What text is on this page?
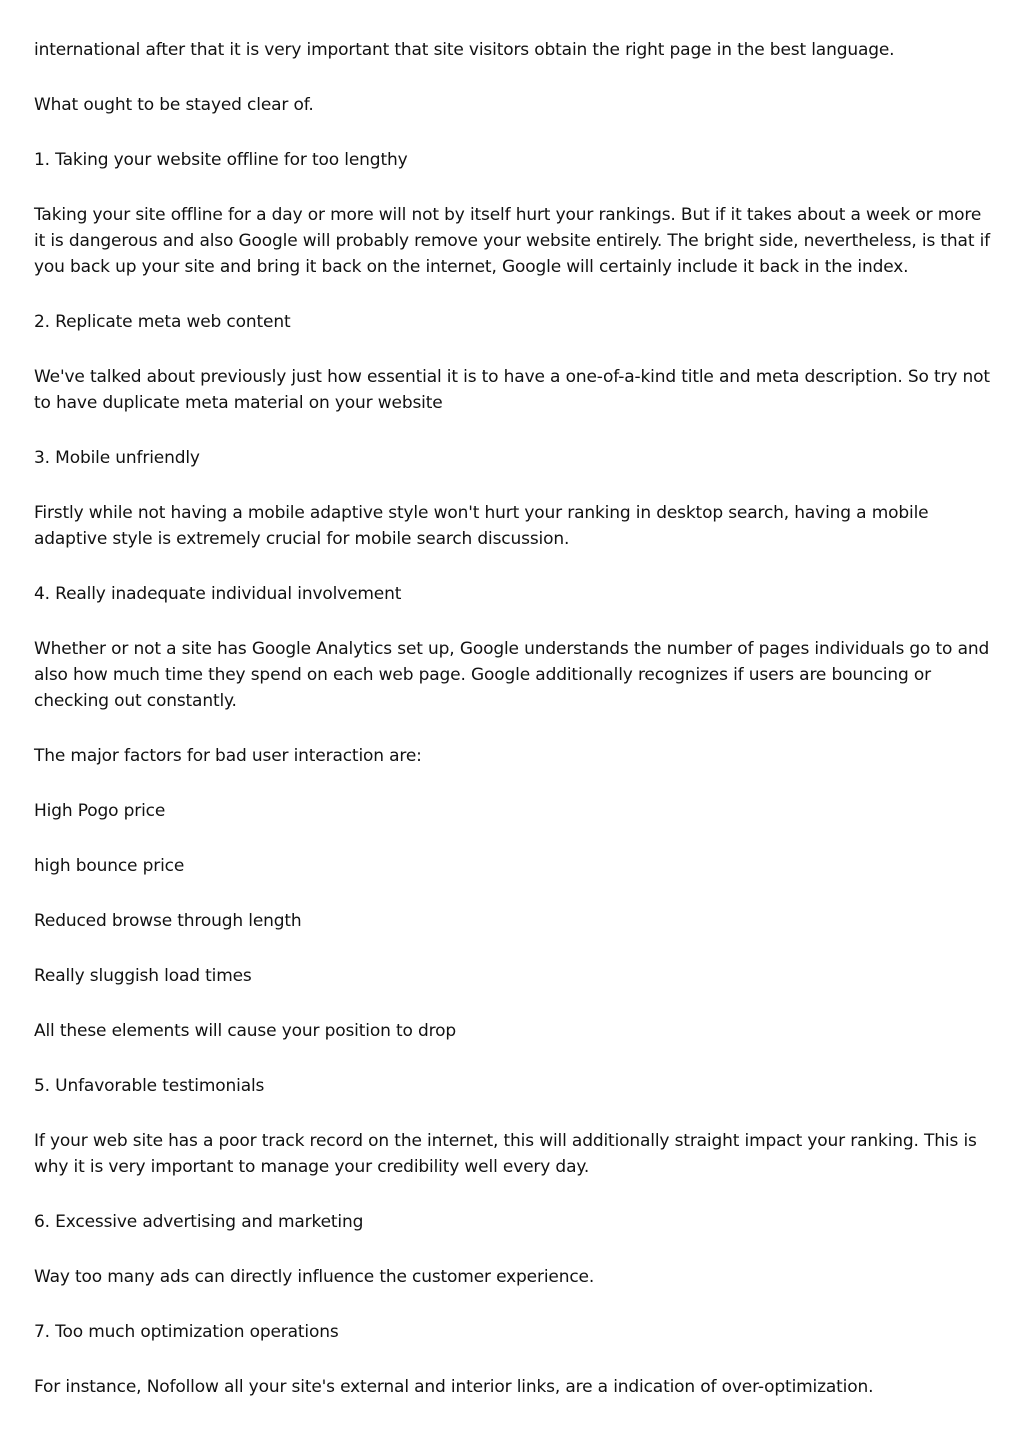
international after that it is very important that site visitors obtain the right page in the best language.

What ought to be stayed clear of.

1. Taking your website offline for too lengthy

Taking your site offline for a day or more will not by itself hurt your rankings. But if it takes about a week or more it is dangerous and also Google will probably remove your website entirely. The bright side, nevertheless, is that if you back up your site and bring it back on the internet, Google will certainly include it back in the index.

2. Replicate meta web content

We've talked about previously just how essential it is to have a one-of-a-kind title and meta description. So try not to have duplicate meta material on your website

3. Mobile unfriendly

Firstly while not having a mobile adaptive style won't hurt your ranking in desktop search, having a mobile adaptive style is extremely crucial for mobile search discussion.

4. Really inadequate individual involvement

Whether or not a site has Google Analytics set up, Google understands the number of pages individuals go to and also how much time they spend on each web page. Google additionally recognizes if users are bouncing or checking out constantly.

The major factors for bad user interaction are:

High Pogo price

high bounce price

Reduced browse through length

Really sluggish load times

All these elements will cause your position to drop

5. Unfavorable testimonials

If your web site has a poor track record on the internet, this will additionally straight impact your ranking. This is why it is very important to manage your credibility well every day.

6. Excessive advertising and marketing

Way too many ads can directly influence the customer experience.

7. Too much optimization operations

For instance, Nofollow all your site's external and interior links, are a indication of over-optimization.
